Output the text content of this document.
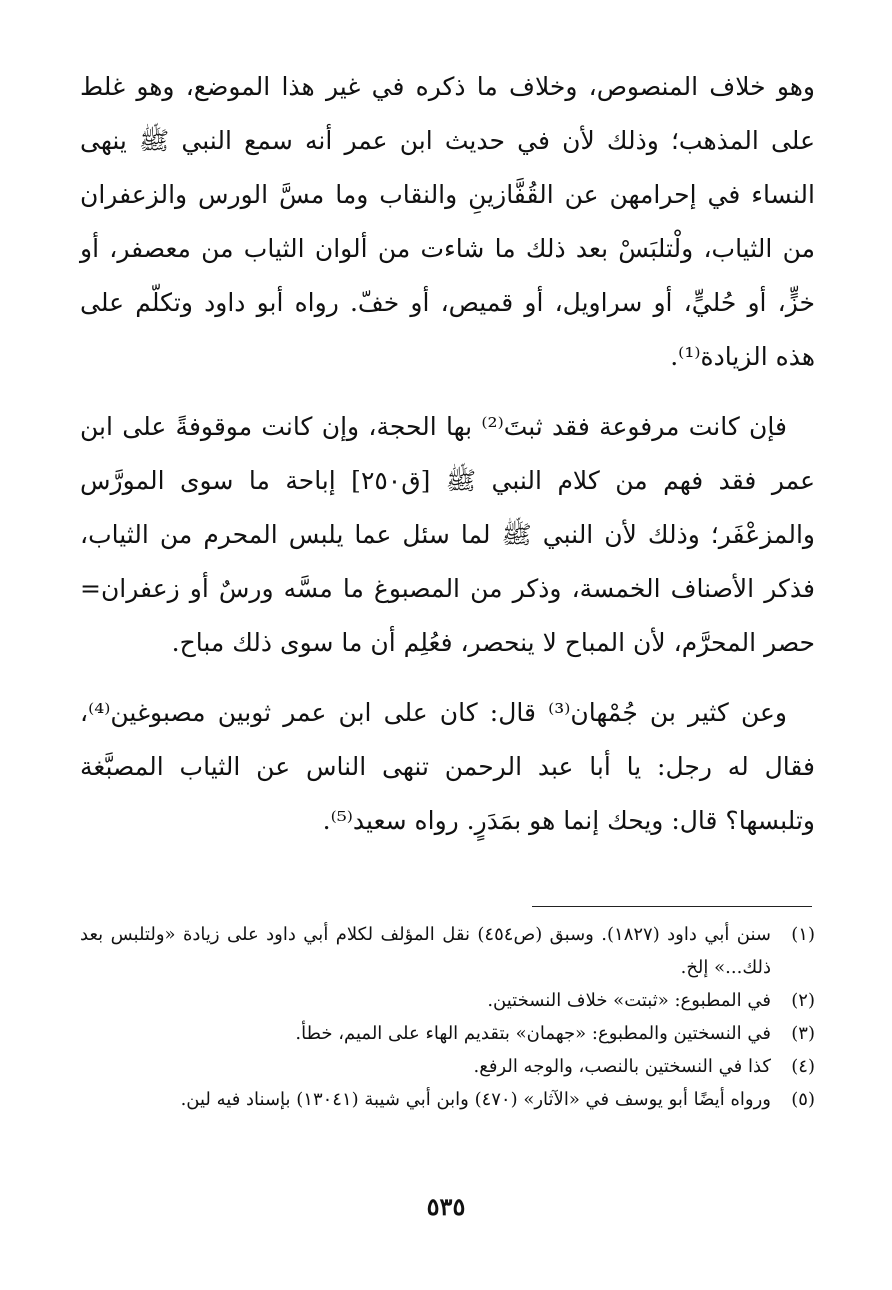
وهو خلاف المنصوص، وخلاف ما ذكره في غير هذا الموضع، وهو غلط على المذهب؛ وذلك لأن في حديث ابن عمر أنه سمع النبي ﷺ ينهى النساء في إحرامهن عن القُفَّازينِ والنقاب وما مسَّ الورس والزعفران من الثياب، ولْتلبَسْ بعد ذلك ما شاءت من ألوان الثياب من معصفر، أو خزٍّ، أو حُليٍّ، أو سراويل، أو قميص، أو خفّ. رواه أبو داود وتكلّم على هذه الزيادة⁽¹⁾.

فإن كانت مرفوعة فقد ثبتَ⁽²⁾ بها الحجة، وإن كانت موقوفةً على ابن عمر فقد فهم من كلام النبي ﷺ [ق٢٥٠] إباحة ما سوى المورَّس والمزعْفَر؛ وذلك لأن النبي ﷺ لما سئل عما يلبس المحرم من الثياب، فذكر الأصناف الخمسة، وذكر من المصبوغ ما مسَّه ورسٌ أو زعفران= حصر المحرَّم، لأن المباح لا ينحصر، فعُلِم أن ما سوى ذلك مباح.

وعن كثير بن جُمْهان⁽³⁾ قال: كان على ابن عمر ثوبين مصبوغين⁽⁴⁾، فقال له رجل: يا أبا عبد الرحمن تنهى الناس عن الثياب المصبَّغة وتلبسها؟ قال: ويحك إنما هو بمَدَرٍ. رواه سعيد⁽⁵⁾.

(١)
سنن أبي داود (١٨٢٧). وسبق (ص٤٥٤) نقل المؤلف لكلام أبي داود على زيادة «ولتلبس بعد ذلك...» إلخ.
(٢)
في المطبوع: «ثبتت» خلاف النسختين.
(٣)
في النسختين والمطبوع: «جهمان» بتقديم الهاء على الميم، خطأ.
(٤)
كذا في النسختين بالنصب، والوجه الرفع.
(٥)
ورواه أيضًا أبو يوسف في «الآثار» (٤٧٠) وابن أبي شيبة (١٣٠٤١) بإسناد فيه لين.
٥٣٥
